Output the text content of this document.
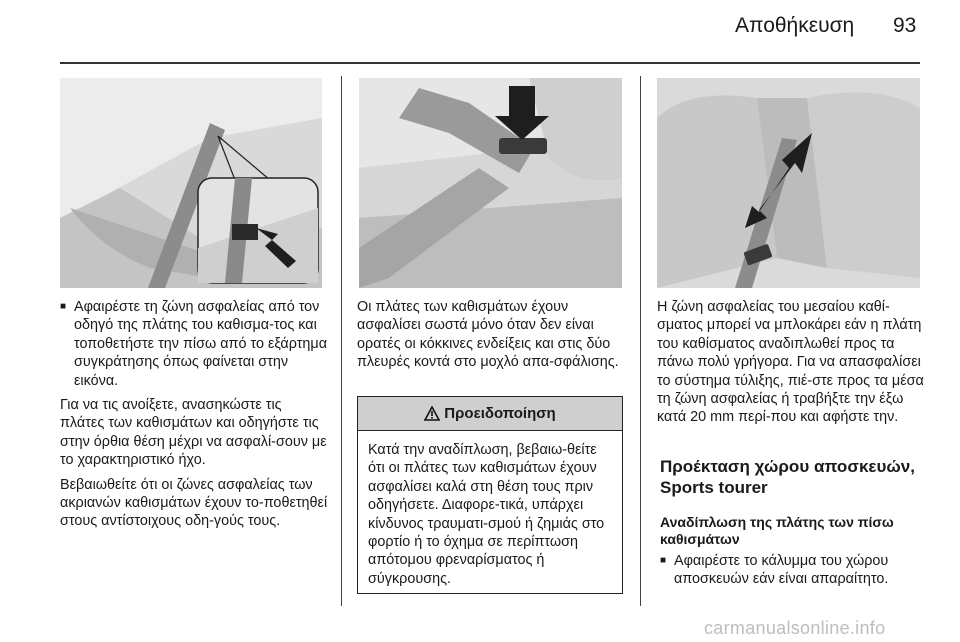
Αποθήκευση 93
■ Αφαιρέστε τη ζώνη ασφαλείας από τον οδηγό της πλάτης του καθισμα-τος και τοποθετήστε την πίσω από το εξάρτημα συγκράτησης όπως φαίνεται στην εικόνα.

Για να τις ανοίξετε, ανασηκώστε τις πλάτες των καθισμάτων και οδηγήστε τις στην όρθια θέση μέχρι να ασφαλί-σουν με το χαρακτηριστικό ήχο.

Βεβαιωθείτε ότι οι ζώνες ασφαλείας των ακριανών καθισμάτων έχουν το-ποθετηθεί στους αντίστοιχους οδη-γούς τους.

Οι πλάτες των καθισμάτων έχουν ασφαλίσει σωστά μόνο όταν δεν είναι ορατές οι κόκκινες ενδείξεις και στις δύο πλευρές κοντά στο μοχλό απα-σφάλισης.

Προειδοποίηση
Κατά την αναδίπλωση, βεβαιω-θείτε ότι οι πλάτες των καθισμάτων έχουν ασφαλίσει καλά στη θέση τους πριν οδηγήσετε. Διαφορε-τικά, υπάρχει κίνδυνος τραυματι-σμού ή ζημιάς στο φορτίο ή το όχημα σε περίπτωση απότομου φρεναρίσματος ή σύγκρουσης.

Η ζώνη ασφαλείας του μεσαίου καθί-σματος μπορεί να μπλοκάρει εάν η πλάτη του καθίσματος αναδιπλωθεί προς τα πάνω πολύ γρήγορα. Για να απασφαλίσει το σύστημα τύλιξης, πιέ-στε προς τα μέσα τη ζώνη ασφαλείας ή τραβήξτε την έξω κατά 20 mm περί-που και αφήστε την.

Προέκταση χώρου αποσκευών, Sports tourer
Αναδίπλωση της πλάτης των πίσω καθισμάτων
■ Αφαιρέστε το κάλυμμα του χώρου αποσκευών εάν είναι απαραίτητο.
carmanualsonline.info
